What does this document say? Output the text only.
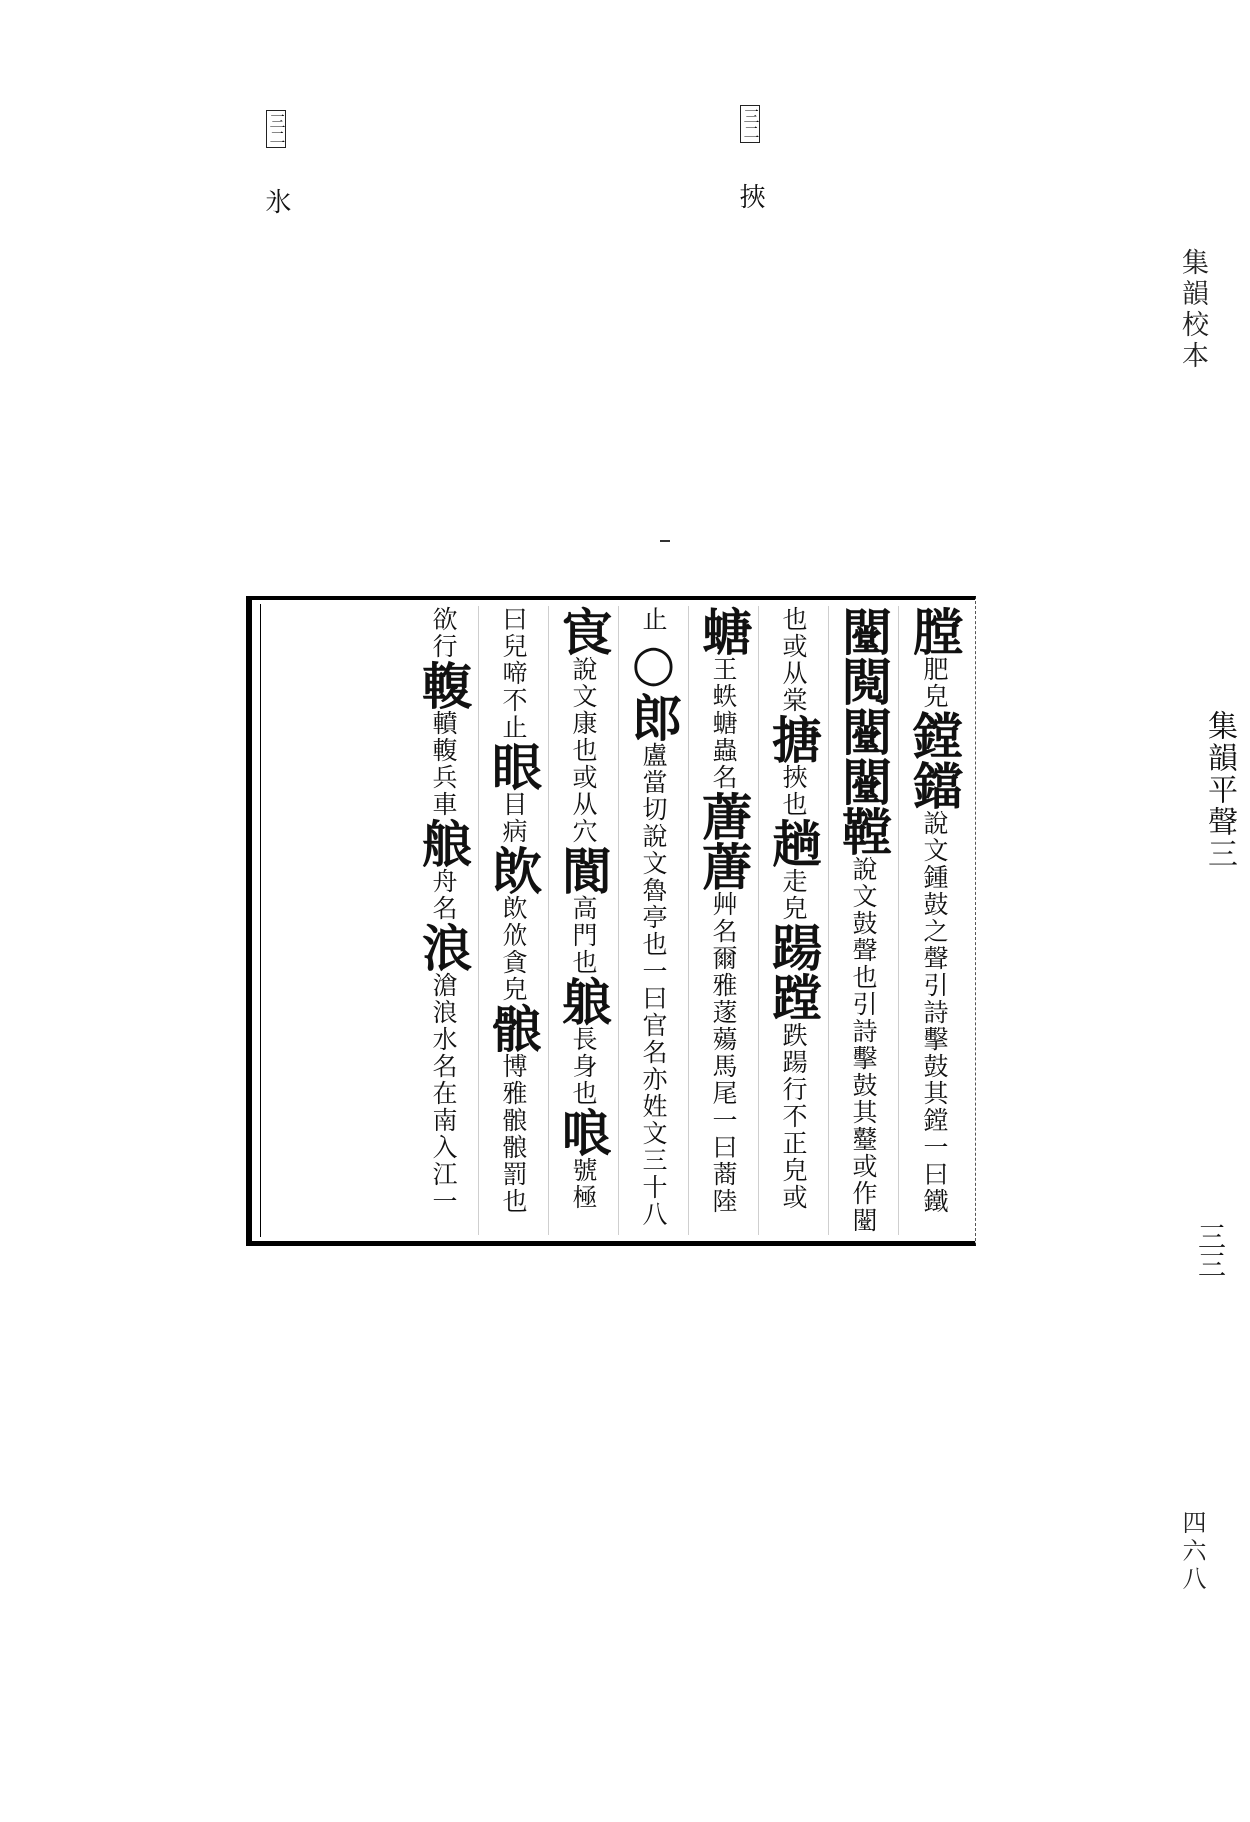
集韻校本
四六八
三二 挾
三二 氷
膛肥皃鏜鐺說文鍾鼓之聲引詩擊鼓其鏜一曰鐵
闛䦧闛闛鞺說文鼓聲也引詩擊鼓其鼞或作闛
也或从棠搪挾也趟走皃踼蹚跌踼行不正皃或
螗王蛈螗蟲名蓎蓎艸名爾雅蓫薚馬尾一曰蔏陸
止○郎盧當切說文魯亭也一曰官名亦姓文三十八
㝗說文康也或从穴閬高門也躴長身也哴號極
曰兒啼不止眼目病欴欴㰡貪皃䯖博雅䯖䯖罰也
欲行輹轒輹兵車艆舟名浪滄浪水名在南入江一
集韻平聲三
三三
